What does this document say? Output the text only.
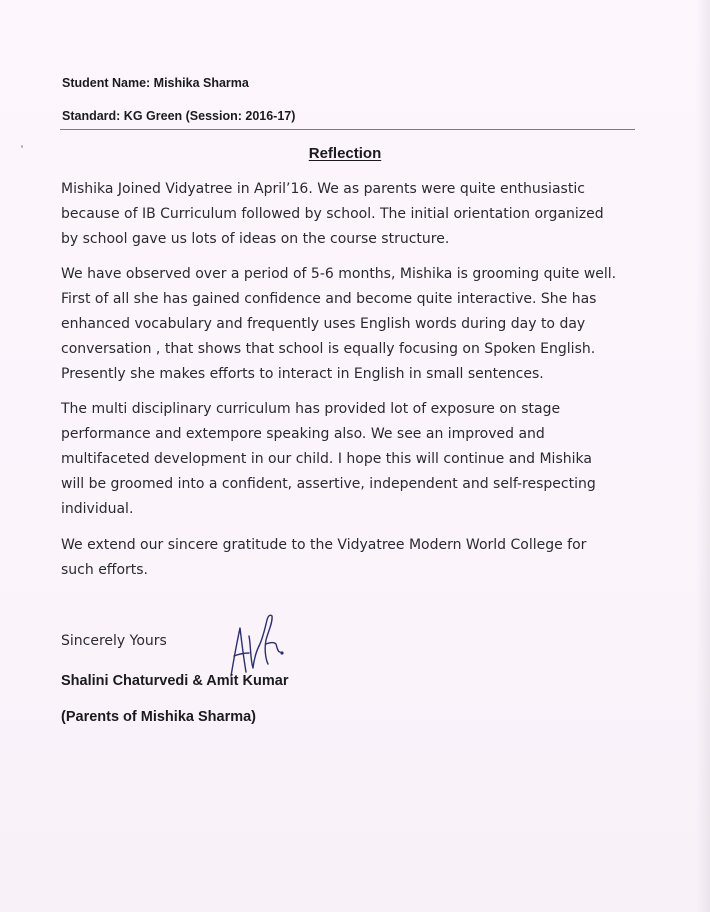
Student Name: Mishika Sharma
Standard: KG Green (Session: 2016-17)
Reflection
Mishika Joined Vidyatree in April’16. We as parents were quite enthusiastic
because of IB Curriculum followed by school. The initial orientation organized
by school gave us lots of ideas on the course structure.
We have observed over a period of 5-6 months, Mishika is grooming quite well.
First of all she has gained confidence and become quite interactive. She has
enhanced vocabulary and frequently uses English words during day to day
conversation , that shows that school is equally focusing on Spoken English.
Presently she makes efforts to interact in English in small sentences.
The multi disciplinary curriculum has provided lot of exposure on stage
performance and extempore speaking also. We see an improved and
multifaceted development in our child. I hope this will continue and Mishika
will be groomed into a confident, assertive, independent and self-respecting
individual.
We extend our sincere gratitude to the Vidyatree Modern World College for
such efforts.
Sincerely Yours
Shalini Chaturvedi & Amit Kumar
(Parents of Mishika Sharma)
